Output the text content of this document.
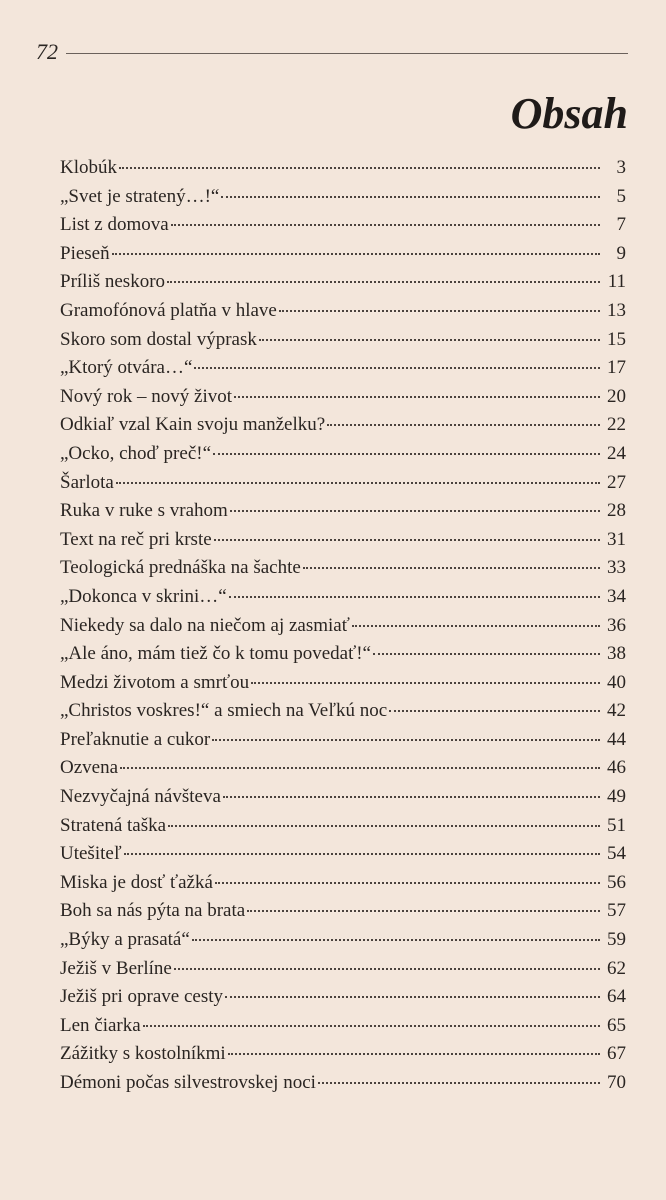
72
Obsah
Klobúk	3
„Svet je stratený…!“	5
List z domova	7
Pieseň	9
Príliš neskoro	11
Gramofónová platňa v hlave	13
Skoro som dostal výprask	15
„Ktorý otvára…“	17
Nový rok – nový život	20
Odkiaľ vzal Kain svoju manželku?	22
„Ocko, choď preč!“	24
Šarlota	27
Ruka v ruke s vrahom	28
Text na reč pri krste	31
Teologická prednáška na šachte	33
„Dokonca v skrini…“	34
Niekedy sa dalo na niečom aj zasmiať	36
„Ale áno, mám tiež čo k tomu povedať!“	38
Medzi životom a smrťou	40
„Christos voskres!“ a smiech na Veľkú noc	42
Preľaknutie a cukor	44
Ozvena	46
Nezvyčajná návšteva	49
Stratená taška	51
Utešiteľ	54
Miska je dosť ťažká	56
Boh sa nás pýta na brata	57
„Býky a prasatá“	59
Ježiš v Berlíne	62
Ježiš pri oprave cesty	64
Len čiarka	65
Zážitky s kostolníkmi	67
Démoni počas silvestrovskej noci	70
